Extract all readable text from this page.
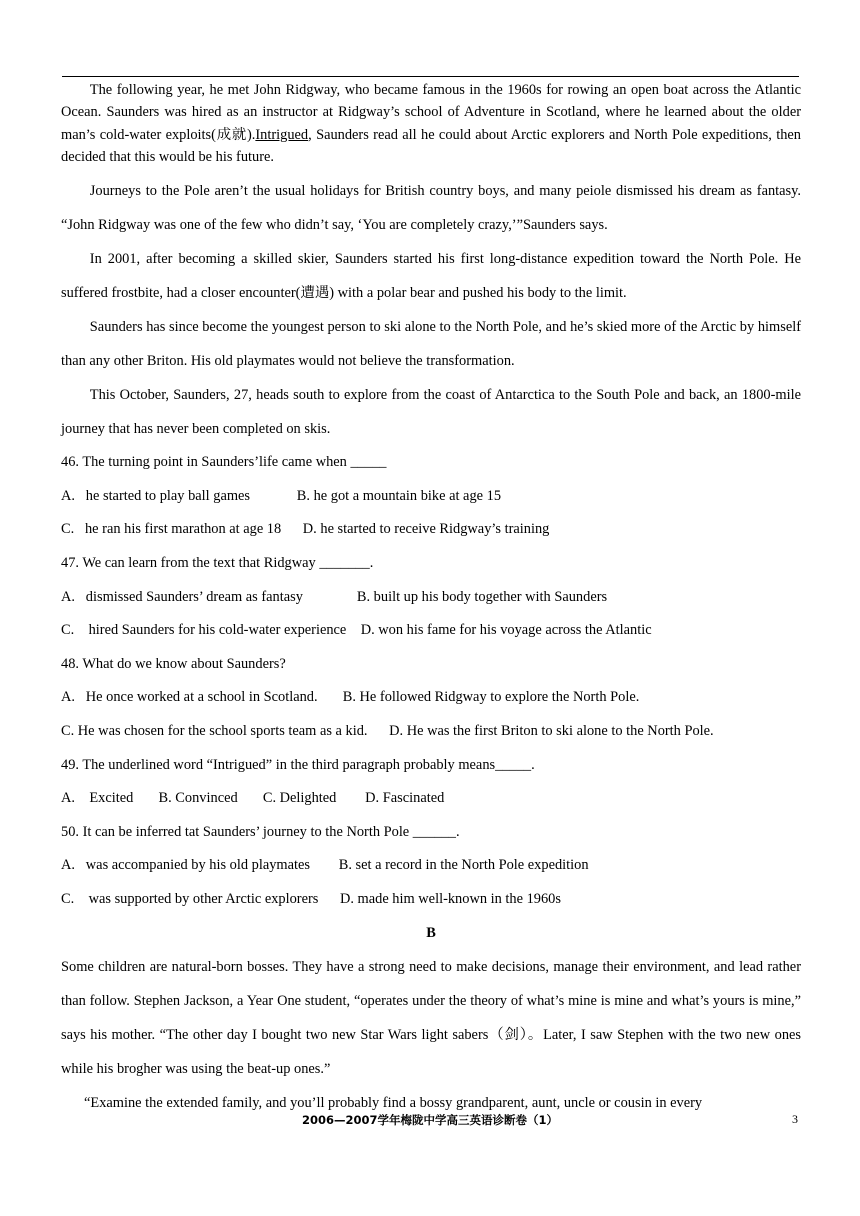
The following year, he met John Ridgway, who became famous in the 1960s for rowing an open boat across the Atlantic Ocean. Saunders was hired as an instructor at Ridgway’s school of Adventure in Scotland, where he learned about the older man’s cold-water exploits(成就).Intrigued, Saunders read all he could about Arctic explorers and North Pole expeditions, then decided that this would be his future.

Journeys to the Pole aren’t the usual holidays for British country boys, and many peiole dismissed his dream as fantasy. “John Ridgway was one of the few who didn’t say, ‘You are completely crazy,’”Saunders says.

In 2001, after becoming a skilled skier, Saunders started his first long-distance expedition toward the North Pole. He suffered frostbite, had a closer encounter(遭遇) with a polar bear and pushed his body to the limit.

Saunders has since become the youngest person to ski alone to the North Pole, and he’s skied more of the Arctic by himself than any other Briton. His old playmates would not believe the transformation.

This October, Saunders, 27, heads south to explore from the coast of Antarctica to the South Pole and back, an 1800-mile journey that has never been completed on skis.

46. The turning point in Saunders’life came when _____

A.   he started to play ball games             B. he got a mountain bike at age 15

C.   he ran his first marathon at age 18      D. he started to receive Ridgway’s training

47. We can learn from the text that Ridgway _______.

A.   dismissed Saunders’ dream as fantasy               B. built up his body together with Saunders

C.    hired Saunders for his cold-water experience    D. won his fame for his voyage across the Atlantic

48. What do we know about Saunders?

A.   He once worked at a school in Scotland.       B. He followed Ridgway to explore the North Pole.

C. He was chosen for the school sports team as a kid.      D. He was the first Briton to ski alone to the North Pole.

49. The underlined word “Intrigued” in the third paragraph probably means_____.

A.    Excited       B. Convinced       C. Delighted        D. Fascinated

50. It can be inferred tat Saunders’ journey to the North Pole ______.

A.   was accompanied by his old playmates        B. set a record in the North Pole expedition

C.    was supported by other Arctic explorers      D. made him well-known in the 1960s

B

Some children are natural-born bosses. They have a strong need to make decisions, manage their environment, and lead rather than follow. Stephen Jackson, a Year One student, “operates under the theory of what’s mine is mine and what’s yours is mine,” says his mother. “The other day I bought two new Star Wars light sabers（剑）。Later, I saw Stephen with the two new ones while his brogher was using the beat-up ones.”

“Examine the extended family, and you’ll probably find a bossy grandparent, aunt, uncle or cousin in every

2006—2007学年梅陇中学高三英语诊断卷（1）	3
